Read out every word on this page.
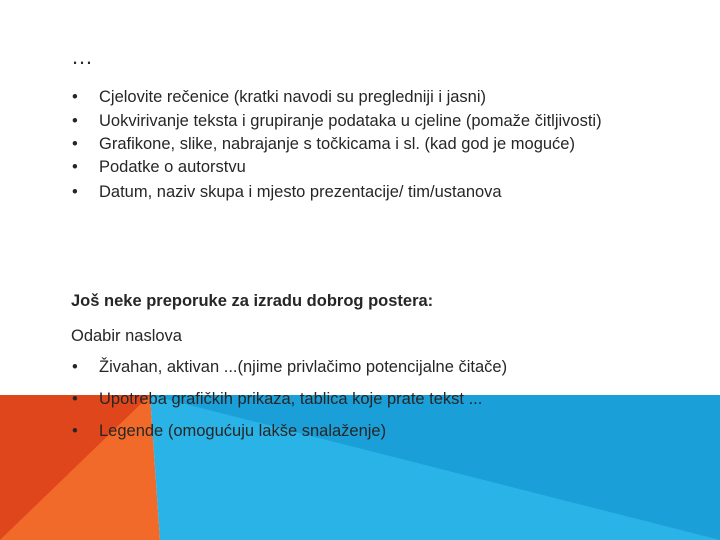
…
• Cjelovite rečenice (kratki navodi su pregledniji i jasni)
• Uokvirivanje teksta i grupiranje podataka u cjeline (pomaže čitljivosti)
• Grafikone, slike, nabrajanje s točkicama i sl. (kad god je moguće)
• Podatke o autorstvu
• Datum, naziv skupa i mjesto prezentacije/ tim/ustanova

Još neke preporuke za izradu dobrog postera:

Odabir naslova

• Živahan, aktivan ...(njime privlačimo potencijalne čitače)
• Upotreba grafičkih prikaza, tablica koje prate tekst ...
• Legende (omogućuju lakše snalaženje)
